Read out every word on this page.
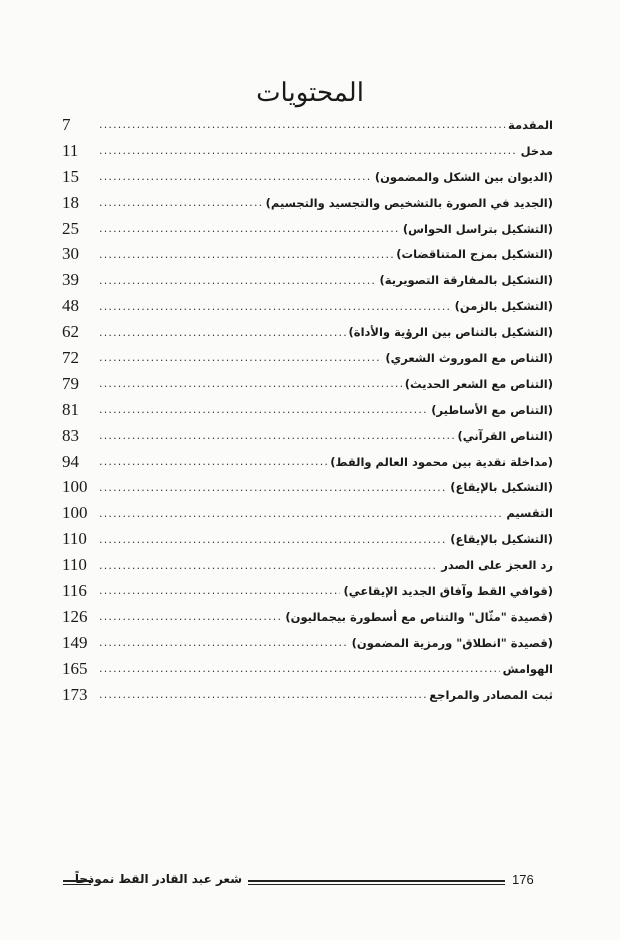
المحتويات
المقدمة
.....
7
مدخل
.....
11
(الديوان بين الشكل والمضمون)
.....
15
(الجديد في الصورة بالتشخيص والتجسيد والتجسيم)
.....
18
(التشكيل بتراسل الحواس)
.....
25
(التشكيل بمزج المتناقضات)
.....
30
(التشكيل بالمفارقة التصويرية)
.....
39
(التشكيل بالزمن)
.....
48
(التشكيل بالتناص بين الرؤية والأداة)
.....
62
(التناص مع الموروث الشعري)
.....
72
(التناص مع الشعر الحديث)
.....
79
(التناص مع الأساطير)
.....
81
(التناص القرآني)
.....
83
(مداخلة نقدية بين محمود العالم والقط)
.....
94
(التشكيل بالإيقاع)
.....
100
التقسيم
.....
100
(التشكيل بالإيقاع)
.....
110
رد العجز على الصدر
.....
110
(قوافي القط وآفاق الجديد الإيقاعي)
.....
116
(قصيدة "مثّال" والتناص مع أسطورة بيجماليون)
.....
126
(قصيدة "انطلاق" ورمزية المضمون)
.....
149
الهوامش
.....
165
ثبت المصادر والمراجع
.....
173
176
شعر عبد القادر القط نموذجاً
